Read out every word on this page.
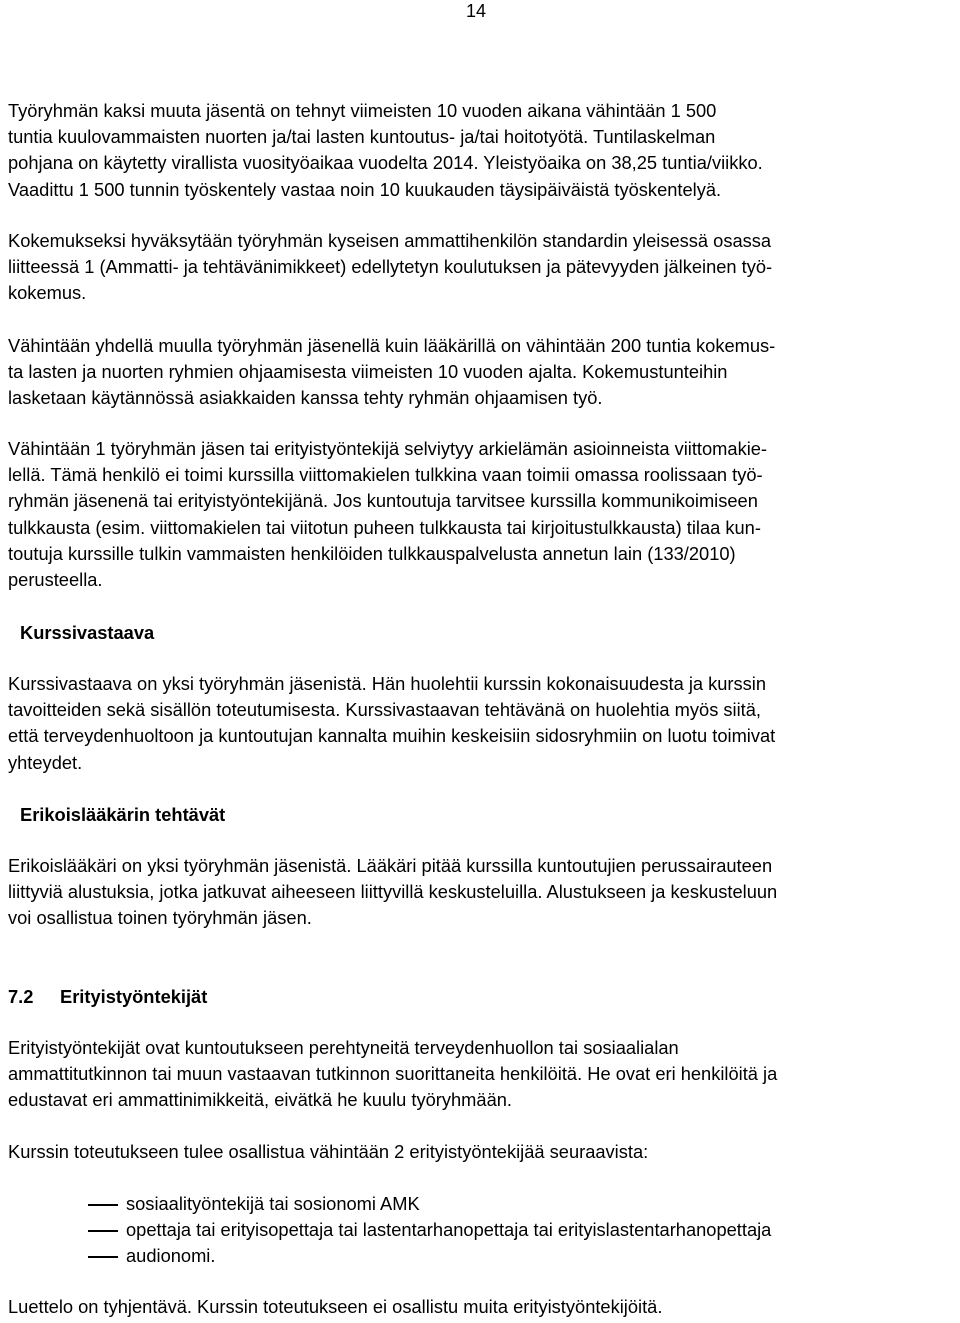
14

Työryhmän kaksi muuta jäsentä on tehnyt viimeisten 10 vuoden aikana vähintään 1 500
tuntia kuulovammaisten nuorten ja/tai lasten kuntoutus- ja/tai hoitotyötä. Tuntilaskelman
pohjana on käytetty virallista vuosityöaikaa vuodelta 2014. Yleistyöaika on 38,25 tuntia/viikko.
Vaadittu 1 500 tunnin työskentely vastaa noin 10 kuukauden täysipäiväistä työskentelyä.

Kokemukseksi hyväksytään työryhmän kyseisen ammattihenkilön standardin yleisessä osassa
liitteessä 1 (Ammatti- ja tehtävänimikkeet) edellytetyn koulutuksen ja pätevyyden jälkeinen työ-
kokemus.

Vähintään yhdellä muulla työryhmän jäsenellä kuin lääkärillä on vähintään 200 tuntia kokemus-
ta lasten ja nuorten ryhmien ohjaamisesta viimeisten 10 vuoden ajalta. Kokemustunteihin
lasketaan käytännössä asiakkaiden kanssa tehty ryhmän ohjaamisen työ.

Vähintään 1 työryhmän jäsen tai erityistyöntekijä selviytyy arkielämän asioinneista viittomakie-
lellä. Tämä henkilö ei toimi kurssilla viittomakielen tulkkina vaan toimii omassa roolissaan työ-
ryhmän jäsenenä tai erityistyöntekijänä. Jos kuntoutuja tarvitsee kurssilla kommunikoimiseen
tulkkausta (esim. viittomakielen tai viitotun puheen tulkkausta tai kirjoitustulkkausta) tilaa kun-
toutuja kurssille tulkin vammaisten henkilöiden tulkkauspalvelusta annetun lain (133/2010)
perusteella.

Kurssivastaava

Kurssivastaava on yksi työryhmän jäsenistä. Hän huolehtii kurssin kokonaisuudesta ja kurssin
tavoitteiden sekä sisällön toteutumisesta. Kurssivastaavan tehtävänä on huolehtia myös siitä,
että terveydenhuoltoon ja kuntoutujan kannalta muihin keskeisiin sidosryhmiin on luotu toimivat
yhteydet.

Erikoislääkärin tehtävät

Erikoislääkäri on yksi työryhmän jäsenistä. Lääkäri pitää kurssilla kuntoutujien perussairauteen
liittyviä alustuksia, jotka jatkuvat aiheeseen liittyvillä keskusteluilla. Alustukseen ja keskusteluun
voi osallistua toinen työryhmän jäsen.

7.2 Erityistyöntekijät

Erityistyöntekijät ovat kuntoutukseen perehtyneitä terveydenhuollon tai sosiaalialan
ammattitutkinnon tai muun vastaavan tutkinnon suorittaneita henkilöitä. He ovat eri henkilöitä ja
edustavat eri ammattinimikkeitä, eivätkä he kuulu työryhmään.

Kurssin toteutukseen tulee osallistua vähintään 2 erityistyöntekijää seuraavista:

sosiaalityöntekijä tai sosionomi AMK
opettaja tai erityisopettaja tai lastentarhanopettaja tai erityislastentarhanopettaja
audionomi.

Luettelo on tyhjentävä. Kurssin toteutukseen ei osallistu muita erityistyöntekijöitä.
